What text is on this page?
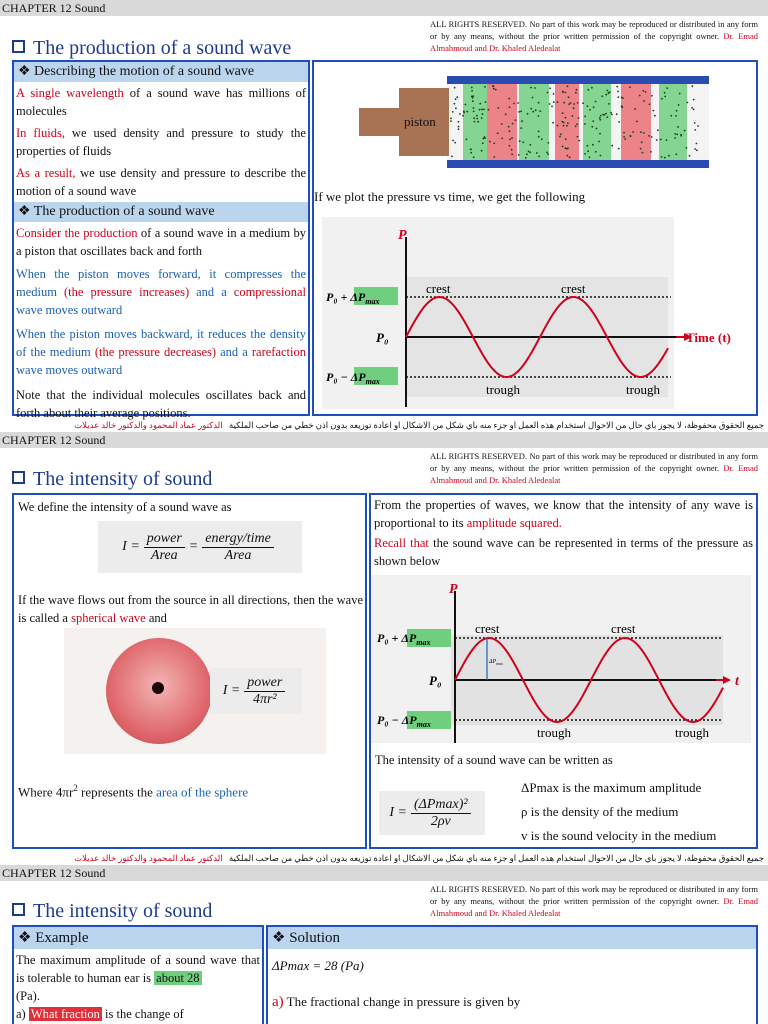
CHAPTER 12 Sound
The production of a sound wave
ALL RIGHTS RESERVED. No part of this work may be reproduced or distributed in any form or by any means, without the prior written permission of the copyright owner. Dr. Emad Almahmoud and Dr. Khaled Aledealat
❖ Describing the motion of a sound wave
A single wavelength of a sound wave has millions of molecules
In fluids, we used density and pressure to study the properties of fluids
As a result, we use density and pressure to describe the motion of a sound wave
❖ The production of a sound wave
Consider the production of a sound wave in a medium by a piston that oscillates back and forth
When the piston moves forward, it compresses the medium (the pressure increases) and a compressional wave moves outward
When the piston moves backward, it reduces the density of the medium (the pressure decreases) and a rarefaction wave moves outward
Note that the individual molecules oscillates back and forth about their average positions.
piston
If we plot the pressure vs time, we get the following
P
$P_0 + \Delta P_{max}$
P₀
$P_0 - \Delta P_{max}$
crest	crest
trough	trough
Time (t)
جميع الحقوق محفوظة، لا يجوز باي حال من الاحوال استخدام هذه العمل او جزء منه باي شكل من الاشكال او اعادة توزيعه بدون اذن خطي من صاحب الملكية   الدكتور عماد المحمود والدكتور خالد عديلات
CHAPTER 12 Sound
The intensity of sound
ALL RIGHTS RESERVED. No part of this work may be reproduced or distributed in any form or by any means, without the prior written permission of the copyright owner. Dr. Emad Almahmoud and Dr. Khaled Aledealat
We define the intensity of a sound wave as
$I = \frac{\text{power}}{\text{Area}} = \frac{\text{energy/time}}{\text{Area}}$
If the wave flows out from the source in all directions, then the wave is called a spherical wave and
$I = \frac{\text{power}}{\text{4πr²}}$
Where $4\pi r^2$ represents the area of the sphere
From the properties of waves, we know that the intensity of any wave is proportional to its amplitude squared.
Recall that the sound wave can be represented in terms of the pressure as shown below
$\Delta P_{max}$
P
$P_0 + \Delta P_{max}$
P₀
$P_0 - \Delta P_{max}$
crest	crest
trough	trough
t
The intensity of a sound wave can be written as
$I = \frac{\text{(ΔPmax)²}}{2\rho v}$
ΔPmax is the maximum amplitude
ρ is the density of the medium
v is the sound velocity in the medium
جميع الحقوق محفوظة، لا يجوز باي حال من الاحوال استخدام هذه العمل او جزء منه باي شكل من الاشكال او اعادة توزيعه بدون اذن خطي من صاحب الملكية   الدكتور عماد المحمود والدكتور خالد عديلات
CHAPTER 12 Sound
The intensity of sound
ALL RIGHTS RESERVED. No part of this work may be reproduced or distributed in any form or by any means, without the prior written permission of the copyright owner. Dr. Emad Almahmoud and Dr. Khaled Aledealat
❖ Example
The maximum amplitude of a sound wave that is tolerable to human ear is about 28
(Pa).
a) What fraction is the change of
❖ Solution
ΔPmax = 28 (Pa)
a) The fractional change in pressure is given by
